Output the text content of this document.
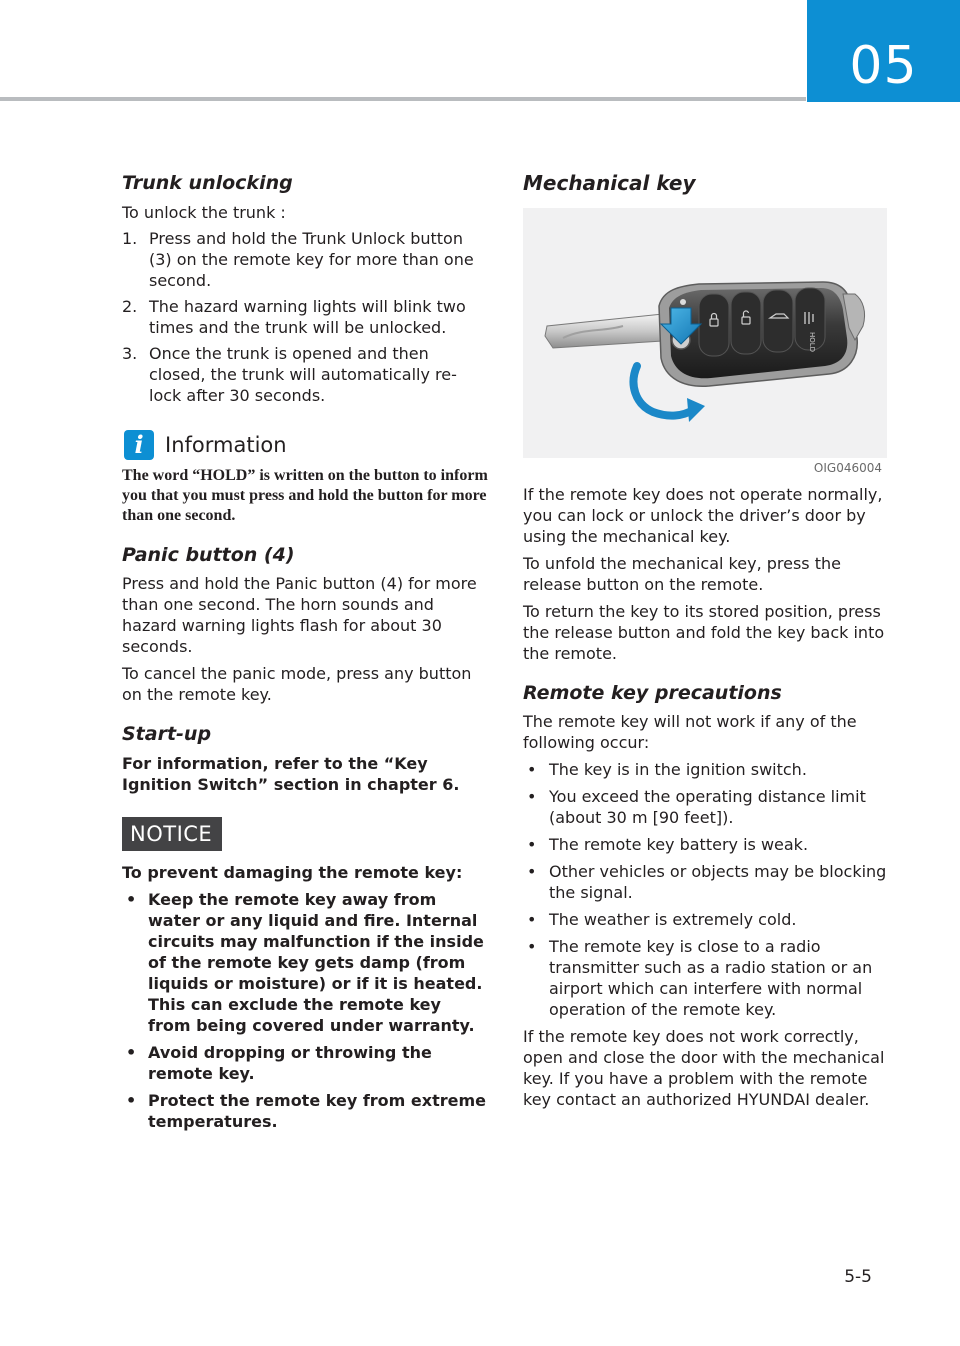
05
Trunk unlocking

To unlock the trunk :

1. Press and hold the Trunk Unlock button (3) on the remote key for more than one second.
2. The hazard warning lights will blink two times and the trunk will be unlocked.
3. Once the trunk is opened and then closed, the trunk will automatically re-lock after 30 seconds.
i	Information
The word “HOLD” is written on the button to inform you that you must press and hold the button for more than one second.
Panic button (4)

Press and hold the Panic button (4) for more than one second. The horn sounds and hazard warning lights flash for about 30 seconds.

To cancel the panic mode, press any button on the remote key.

Start-up

For information, refer to the “Key Ignition Switch” section in chapter 6.

NOTICE

To prevent damaging the remote key:

• Keep the remote key away from water or any liquid and fire. Internal circuits may malfunction if the inside of the remote key gets damp (from liquids or moisture) or if it is heated. This can exclude the remote key from being covered under warranty.
• Avoid dropping or throwing the remote key.
• Protect the remote key from extreme temperatures.
Mechanical key
HOLD
OIG046004

If the remote key does not operate normally, you can lock or unlock the driver’s door by using the mechanical key.

To unfold the mechanical key, press the release button on the remote.

To return the key to its stored position, press the release button and fold the key back into the remote.

Remote key precautions

The remote key will not work if any of the following occur:

• The key is in the ignition switch.
• You exceed the operating distance limit (about 30 m [90 feet]).
• The remote key battery is weak.
• Other vehicles or objects may be blocking the signal.
• The weather is extremely cold.
• The remote key is close to a radio transmitter such as a radio station or an airport which can interfere with normal operation of the remote key.

If the remote key does not work correctly, open and close the door with the mechanical key. If you have a problem with the remote key contact an authorized HYUNDAI dealer.

5-5
